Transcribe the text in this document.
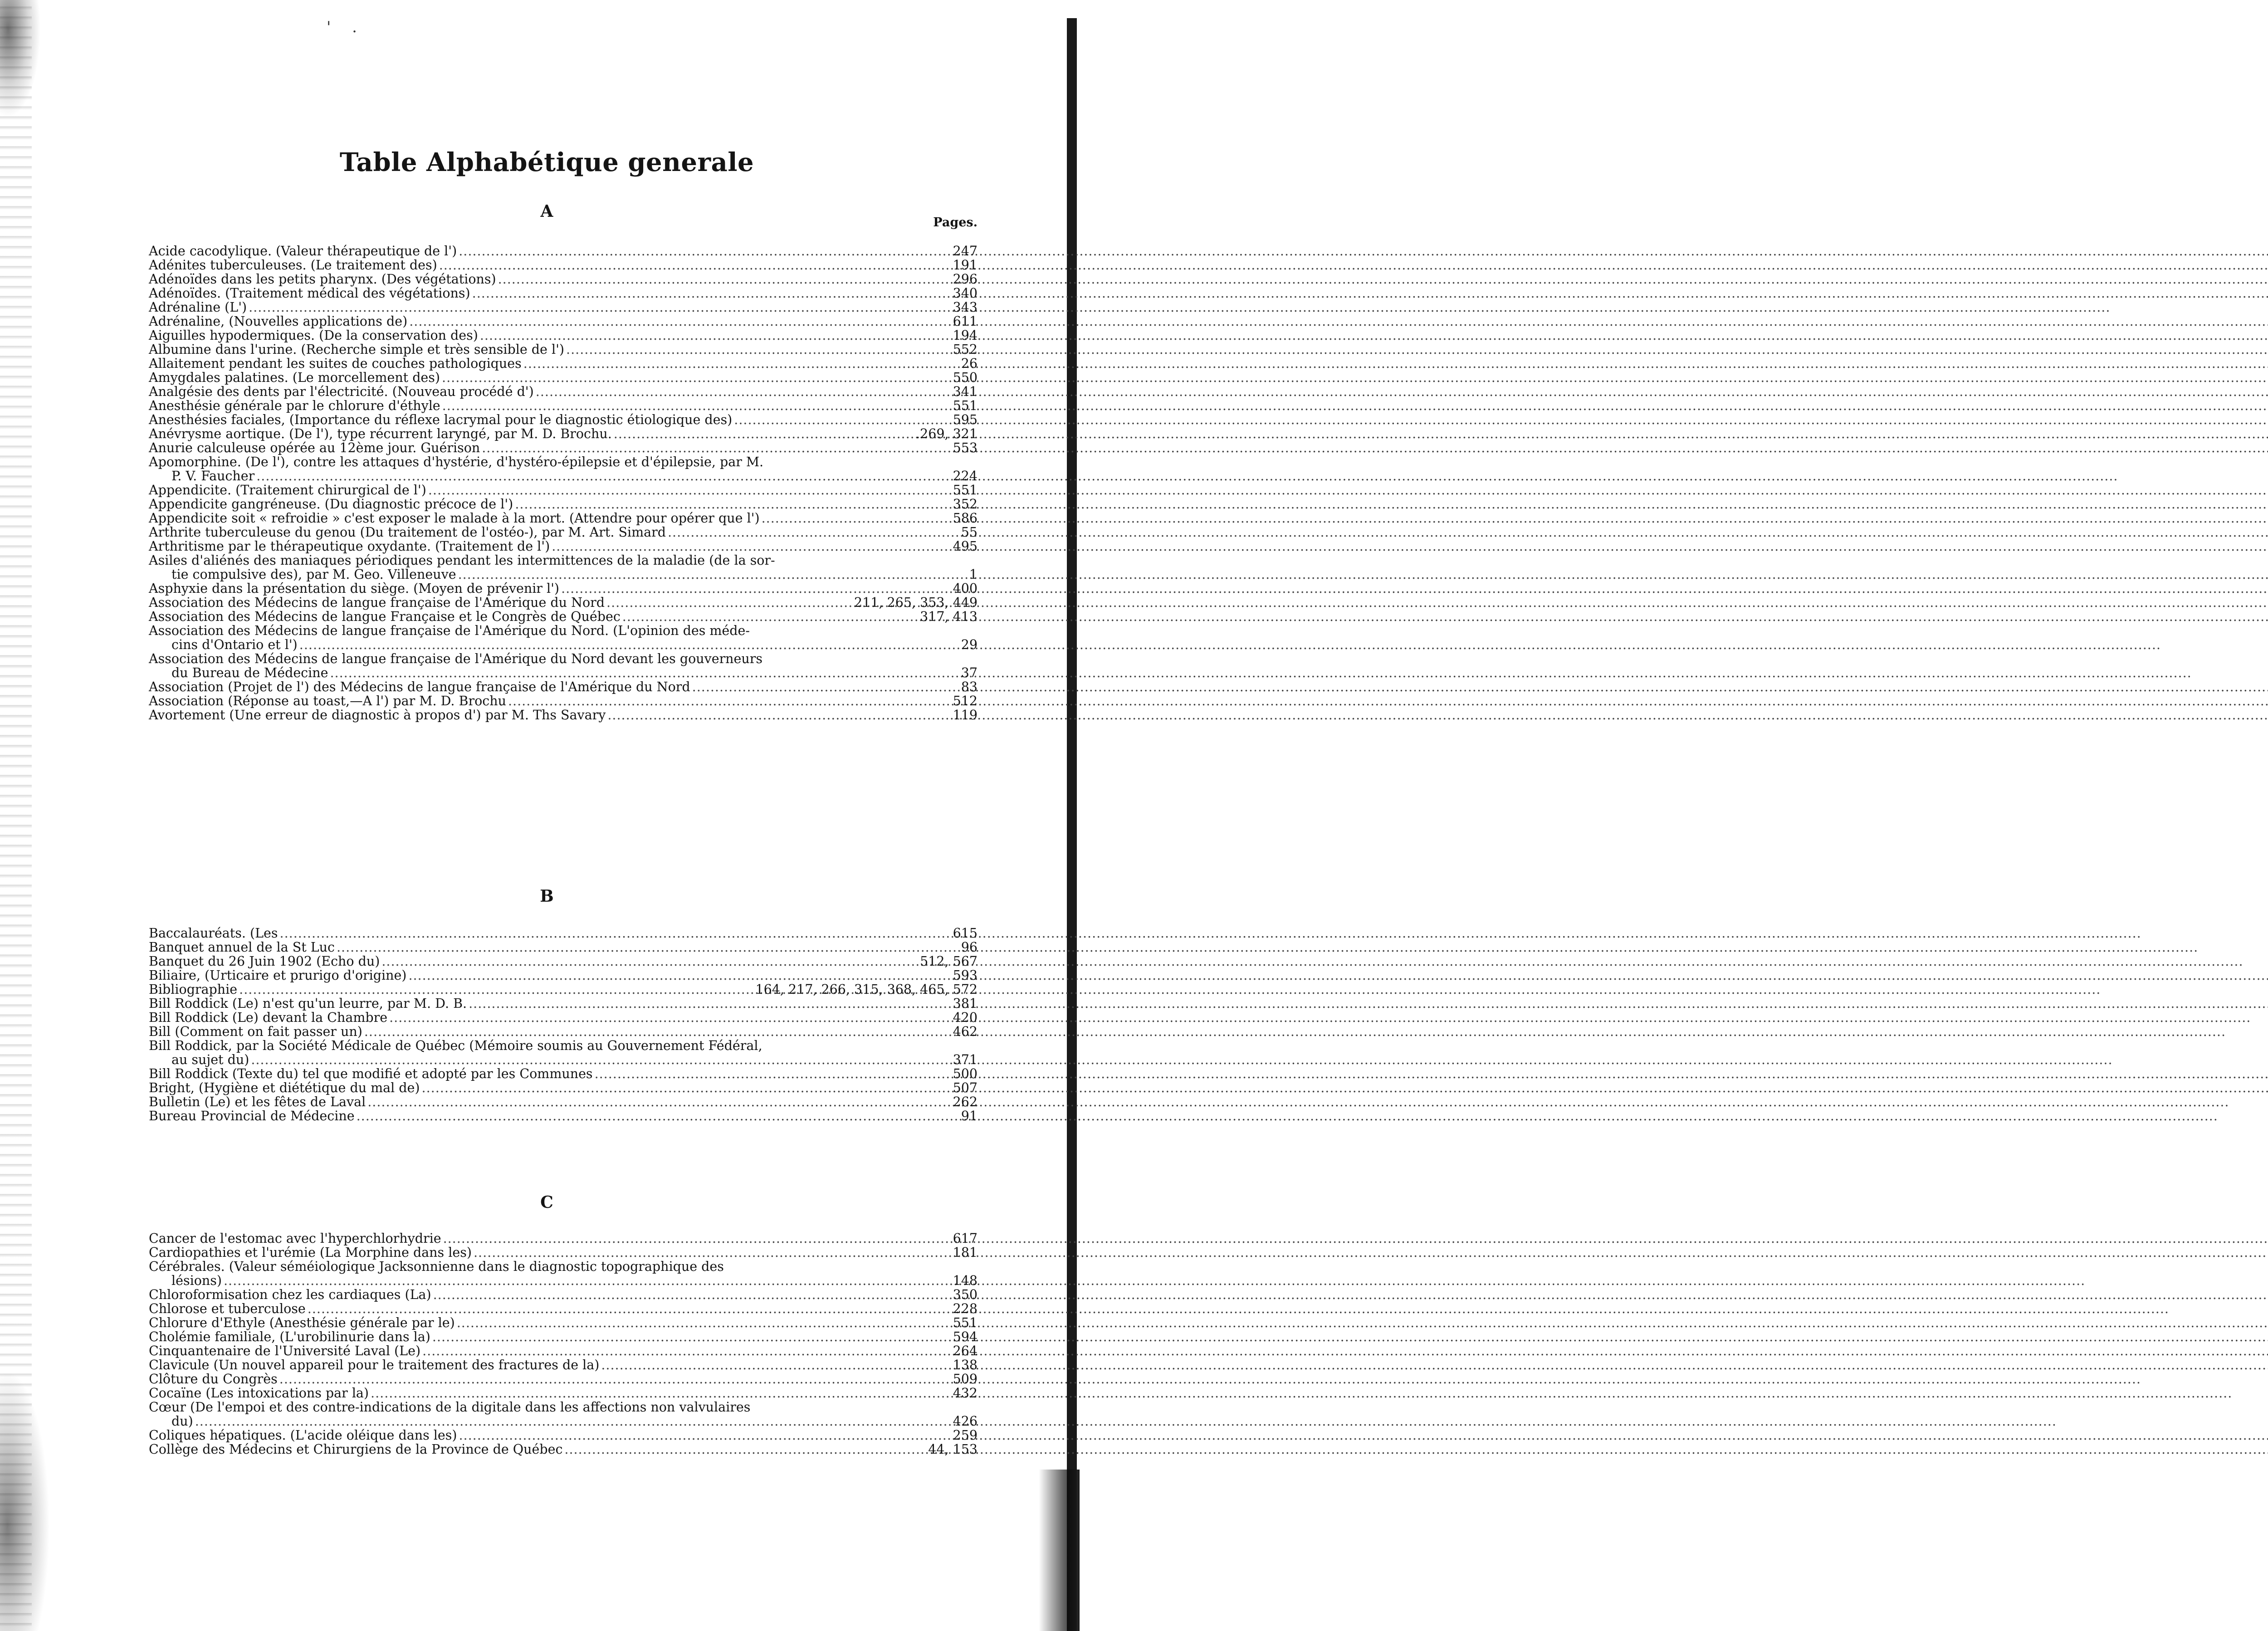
' .
Table Alphabétique generale
A
Pages.
Acide cacodylique. (Valeur thérapeutique de l') .....	247
Adénites tuberculeuses. (Le traitement des) .....	191
Adénoïdes dans les petits pharynx. (Des végétations) .....	296
Adénoïdes. (Traitement médical des végétations) .....	340
Adrénaline (L') .....	343
Adrénaline, (Nouvelles applications de) .....	611
Aiguilles hypodermiques. (De la conservation des) .....	194
Albumine dans l'urine. (Recherche simple et très sensible de l') .....	552
Allaitement pendant les suites de couches pathologiques .....	26
Amygdales palatines. (Le morcellement des) .....	550
Analgésie des dents par l'électricité. (Nouveau procédé d') .....	341
Anesthésie générale par le chlorure d'éthyle .....	551
Anesthésies faciales, (Importance du réflexe lacrymal pour le diagnostic étiologique des) .....	595
Anévrysme aortique. (De l'), type récurrent laryngé, par M. D. Brochu. .....	.269, 321
Anurie calculeuse opérée au 12ème jour. Guérison .....	553
Apomorphine. (De l'), contre les attaques d'hystérie, d'hystéro-épilepsie et d'épilepsie, par M.
P. V. Faucher .....	224
Appendicite. (Traitement chirurgical de l') .....	551
Appendicite gangréneuse. (Du diagnostic précoce de l') .....	352
Appendicite soit « refroidie » c'est exposer le malade à la mort. (Attendre pour opérer que l') .....	586
Arthrite tuberculeuse du genou (Du traitement de l'ostéo-), par M. Art. Simard .....	55
Arthritisme par le thérapeutique oxydante. (Traitement de l') .....	495
Asiles d'aliénés des maniaques périodiques pendant les intermittences de la maladie (de la sor-
tie compulsive des), par M. Geo. Villeneuve .....	1
Asphyxie dans la présentation du siège. (Moyen de prévenir l') .....	400
Association des Médecins de langue française de l'Amérique du Nord .....	211, 265, 353, 449
Association des Médecins de langue Française et le Congrès de Québec .....	317, 413
Association des Médecins de langue française de l'Amérique du Nord. (L'opinion des méde-
cins d'Ontario et l') .....	29
Association des Médecins de langue française de l'Amérique du Nord devant les gouverneurs
du Bureau de Médecine .....	37
Association (Projet de l') des Médecins de langue française de l'Amérique du Nord .....	83
Association (Réponse au toast,—A l') par M. D. Brochu .....	512
Avortement (Une erreur de diagnostic à propos d') par M. Ths Savary .....	119
B
Baccalauréats. (Les .....	615
Banquet annuel de la St Luc .....	96
Banquet du 26 Juin 1902 (Echo du) .....	512, 567
Biliaire, (Urticaire et prurigo d'origine) .....	593
Bibliographie .....	164, 217, 266, 315, 368, 465, 572
Bill Roddick (Le) n'est qu'un leurre, par M. D. B. .....	381
Bill Roddick (Le) devant la Chambre .....	420
Bill (Comment on fait passer un) .....	462
Bill Roddick, par la Société Médicale de Québec (Mémoire soumis au Gouvernement Fédéral,
au sujet du) .....	371
Bill Roddick (Texte du) tel que modifié et adopté par les Communes .....	500
Bright, (Hygiène et diététique du mal de) .....	507
Bulletin (Le) et les fêtes de Laval .....	262
Bureau Provincial de Médecine .....	91
C
Cancer de l'estomac avec l'hyperchlorhydrie .....	617
Cardiopathies et l'urémie (La Morphine dans les) .....	181
Cérébrales. (Valeur séméiologique Jacksonnienne dans le diagnostic topographique des
lésions) .....	148
Chloroformisation chez les cardiaques (La) .....	350
Chlorose et tuberculose .....	228
Chlorure d'Ethyle (Anesthésie générale par le) .....	551
Cholémie familiale, (L'urobilinurie dans la) .....	594
Cinquantenaire de l'Université Laval (Le) .....	264
Clavicule (Un nouvel appareil pour le traitement des fractures de la) .....	138
Clôture du Congrès .....	509
Cocaïne (Les intoxications par la) .....	432
Cœur (De l'empoi et des contre-indications de la digitale dans les affections non valvulaires
du) .....	426
Coliques hépatiques. (L'acide oléique dans les) .....	259
Collège des Médecins et Chirurgiens de la Province de Québec .....	44, 153
